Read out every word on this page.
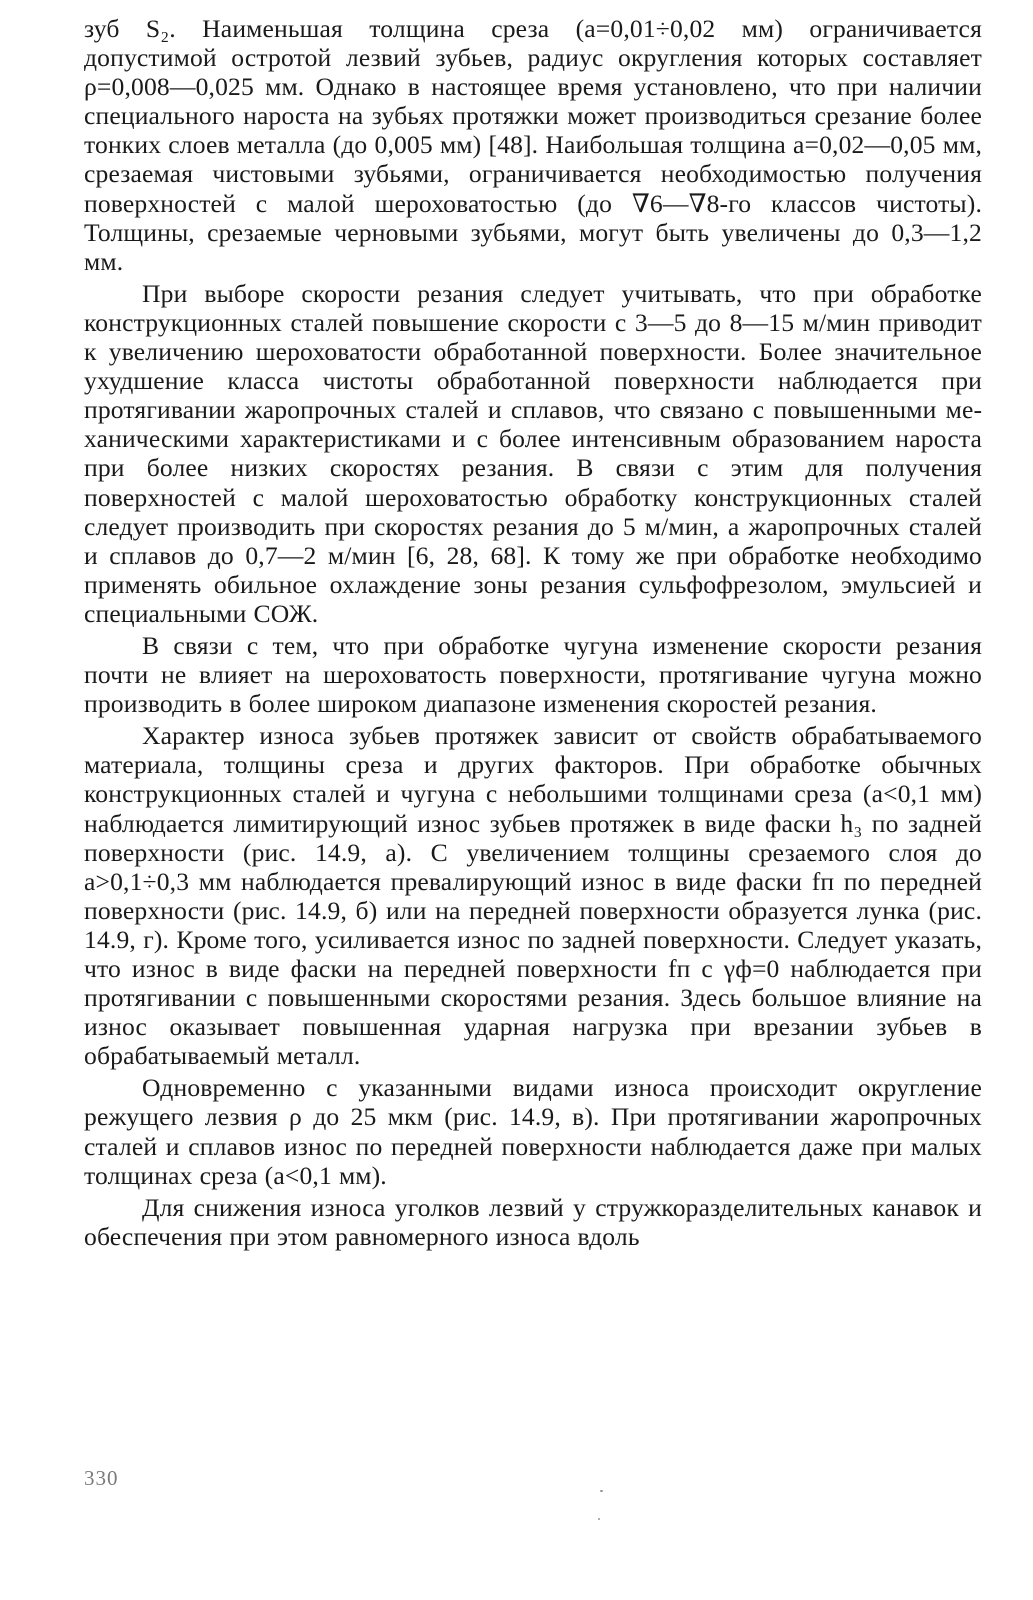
зуб S₂. Наименьшая толщина среза (a=0,01÷0,02 мм) ограничивается допустимой остротой лезвий зубьев, радиус округления которых составляет ρ=0,008—0,025 мм. Однако в настоящее время установлено, что при наличии специального нароста на зубьях протяжки может производиться срезание более тонких слоев металла (до 0,005 мм) [48]. Наибольшая толщина a=0,02—0,05 мм, срезаемая чистовыми зубьями, ограничивается необходимостью получения поверхностей с малой шероховатостью (до ∇6—∇8-го классов чистоты). Толщины, срезаемые черновыми зубьями, могут быть увеличены до 0,3—1,2 мм.

При выборе скорости резания следует учитывать, что при обработке конструкционных сталей повышение скорости с 3—5 до 8—15 м/мин приводит к увеличению шероховатости обработанной поверхности. Более значительное ухудшение класса чистоты обработанной поверхности наблюдается при протягивании жаропрочных сталей и сплавов, что связано с повышенными механическими характеристиками и с более интенсивным образованием нароста при более низких скоростях резания. В связи с этим для получения поверхностей с малой шероховатостью обработку конструкционных сталей следует производить при скоростях резания до 5 м/мин, а жаропрочных сталей и сплавов до 0,7—2 м/мин [6, 28, 68]. К тому же при обработке необходимо применять обильное охлаждение зоны резания сульфофрезолом, эмульсией и специальными СОЖ.

В связи с тем, что при обработке чугуна изменение скорости резания почти не влияет на шероховатость поверхности, протягивание чугуна можно производить в более широком диапазоне изменения скоростей резания.

Характер износа зубьев протяжек зависит от свойств обрабатываемого материала, толщины среза и других факторов. При обработке обычных конструкционных сталей и чугуна с небольшими толщинами среза (a<0,1 мм) наблюдается лимитирующий износ зубьев протяжек в виде фаски h₃ по задней поверхности (рис. 14.9, a). С увеличением толщины срезаемого слоя до a>0,1÷0,3 мм наблюдается превалирующий износ в виде фаски fп по передней поверхности (рис. 14.9, б) или на передней поверхности образуется лунка (рис. 14.9, г). Кроме того, усиливается износ по задней поверхности. Следует указать, что износ в виде фаски на передней поверхности fп с γф=0 наблюдается при протягивании с повышенными скоростями резания. Здесь большое влияние на износ оказывает повышенная ударная нагрузка при врезании зубьев в обрабатываемый металл.

Одновременно с указанными видами износа происходит округление режущего лезвия ρ до 25 мкм (рис. 14.9, в). При протягивании жаропрочных сталей и сплавов износ по передней поверхности наблюдается даже при малых толщинах среза (a<0,1 мм).

Для снижения износа уголков лезвий у стружкоразделительных канавок и обеспечения при этом равномерного износа вдоль

330
